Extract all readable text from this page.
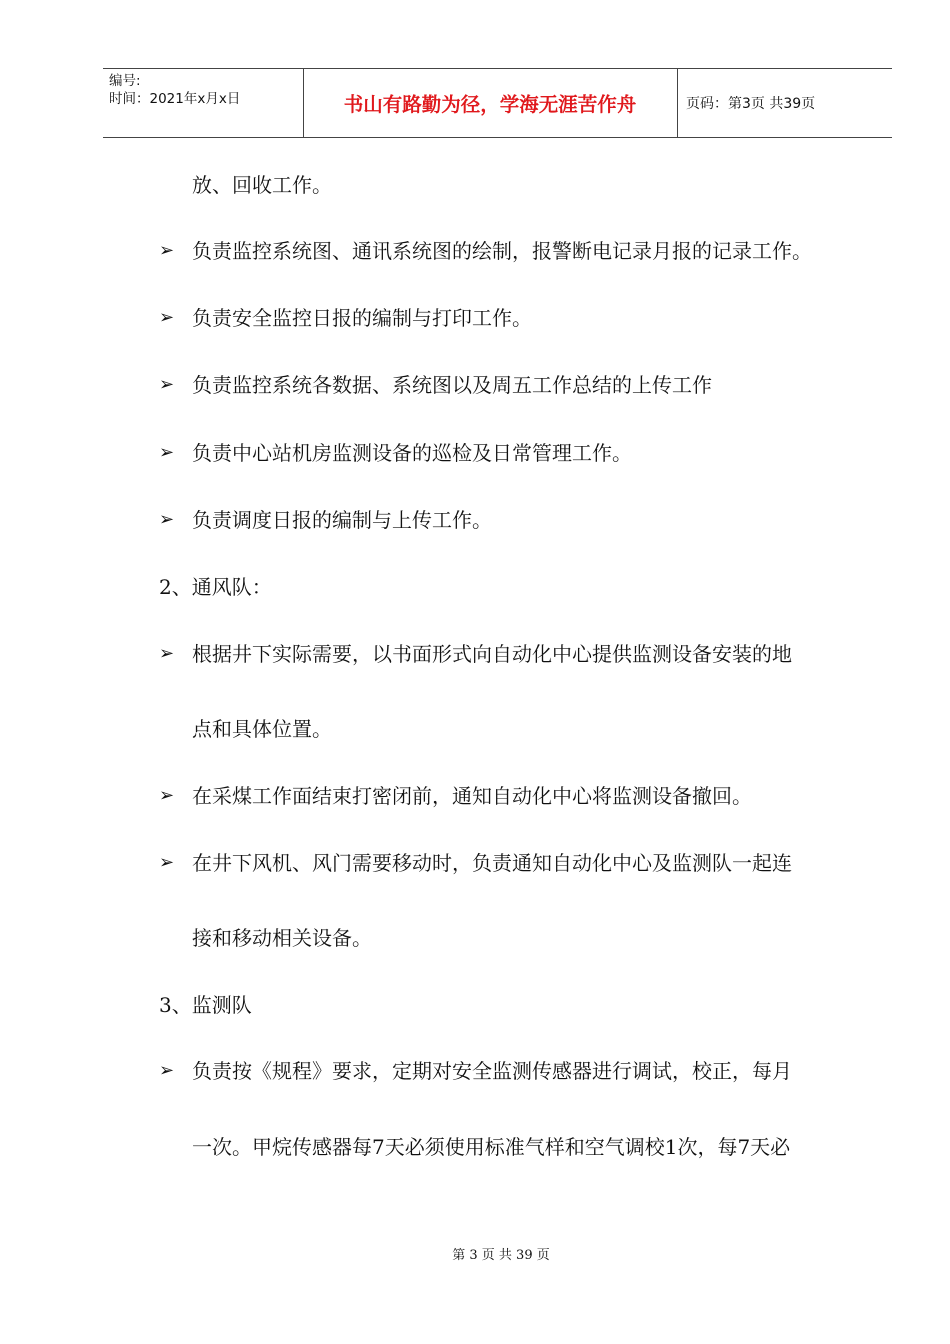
编号:
时间：2021年x月x日	书山有路勤为径，学海无涯苦作舟	页码：第3页 共39页
放、回收工作。
➢ 负责监控系统图、通讯系统图的绘制，报警断电记录月报的记录工作。
➢ 负责安全监控日报的编制与打印工作。
➢ 负责监控系统各数据、系统图以及周五工作总结的上传工作
➢ 负责中心站机房监测设备的巡检及日常管理工作。
➢ 负责调度日报的编制与上传工作。
2、通风队：
➢ 根据井下实际需要，以书面形式向自动化中心提供监测设备安装的地
点和具体位置。
➢ 在采煤工作面结束打密闭前，通知自动化中心将监测设备撤回。
➢ 在井下风机、风门需要移动时，负责通知自动化中心及监测队一起连
接和移动相关设备。
3、监测队
➢ 负责按《规程》要求，定期对安全监测传感器进行调试，校正，每月
一次。甲烷传感器每7天必须使用标准气样和空气调校1次，每7天必
第 3 页 共 39 页
